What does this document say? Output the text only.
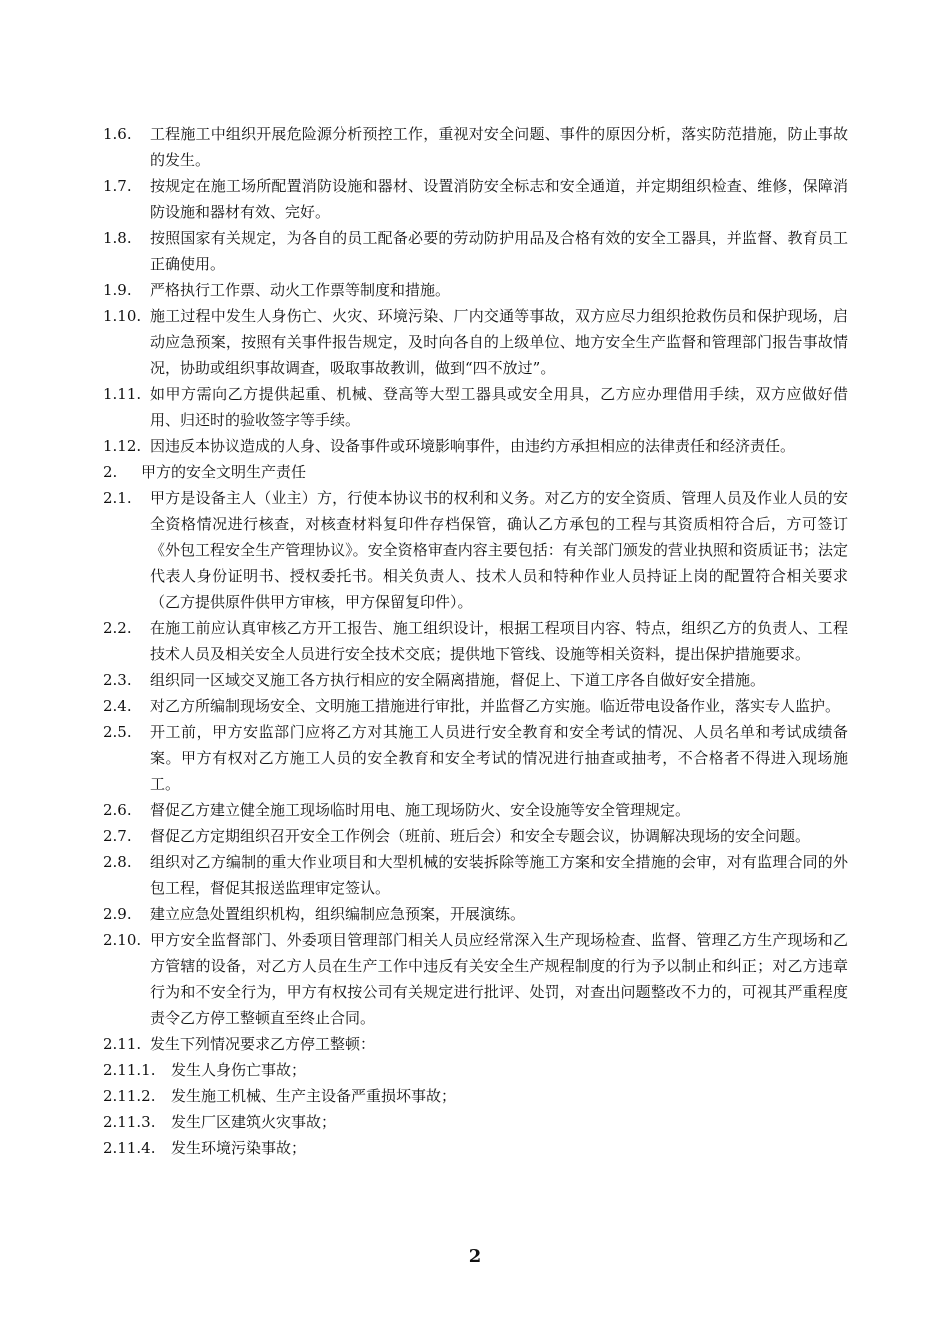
1.6. 工程施工中组织开展危险源分析预控工作，重视对安全问题、事件的原因分析，落实防范措施，防止事故的发生。
1.7. 按规定在施工场所配置消防设施和器材、设置消防安全标志和安全通道，并定期组织检查、维修，保障消防设施和器材有效、完好。
1.8. 按照国家有关规定，为各自的员工配备必要的劳动防护用品及合格有效的安全工器具，并监督、教育员工正确使用。
1.9. 严格执行工作票、动火工作票等制度和措施。
1.10. 施工过程中发生人身伤亡、火灾、环境污染、厂内交通等事故，双方应尽力组织抢救伤员和保护现场，启动应急预案，按照有关事件报告规定，及时向各自的上级单位、地方安全生产监督和管理部门报告事故情况，协助或组织事故调查，吸取事故教训，做到“四不放过”。
1.11. 如甲方需向乙方提供起重、机械、登高等大型工器具或安全用具，乙方应办理借用手续，双方应做好借用、归还时的验收签字等手续。
1.12. 因违反本协议造成的人身、设备事件或环境影响事件，由违约方承担相应的法律责任和经济责任。
2. 甲方的安全文明生产责任
2.1. 甲方是设备主人（业主）方，行使本协议书的权利和义务。对乙方的安全资质、管理人员及作业人员的安全资格情况进行核查，对核查材料复印件存档保管，确认乙方承包的工程与其资质相符合后，方可签订《外包工程安全生产管理协议》。安全资格审查内容主要包括：有关部门颁发的营业执照和资质证书；法定代表人身份证明书、授权委托书。相关负责人、技术人员和特种作业人员持证上岗的配置符合相关要求（乙方提供原件供甲方审核，甲方保留复印件）。
2.2. 在施工前应认真审核乙方开工报告、施工组织设计，根据工程项目内容、特点，组织乙方的负责人、工程技术人员及相关安全人员进行安全技术交底；提供地下管线、设施等相关资料，提出保护措施要求。
2.3. 组织同一区域交叉施工各方执行相应的安全隔离措施，督促上、下道工序各自做好安全措施。
2.4. 对乙方所编制现场安全、文明施工措施进行审批，并监督乙方实施。临近带电设备作业，落实专人监护。
2.5. 开工前，甲方安监部门应将乙方对其施工人员进行安全教育和安全考试的情况、人员名单和考试成绩备案。甲方有权对乙方施工人员的安全教育和安全考试的情况进行抽查或抽考，不合格者不得进入现场施工。
2.6. 督促乙方建立健全施工现场临时用电、施工现场防火、安全设施等安全管理规定。
2.7. 督促乙方定期组织召开安全工作例会（班前、班后会）和安全专题会议，协调解决现场的安全问题。
2.8. 组织对乙方编制的重大作业项目和大型机械的安装拆除等施工方案和安全措施的会审，对有监理合同的外包工程，督促其报送监理审定签认。
2.9. 建立应急处置组织机构，组织编制应急预案，开展演练。
2.10. 甲方安全监督部门、外委项目管理部门相关人员应经常深入生产现场检查、监督、管理乙方生产现场和乙方管辖的设备，对乙方人员在生产工作中违反有关安全生产规程制度的行为予以制止和纠正；对乙方违章行为和不安全行为，甲方有权按公司有关规定进行批评、处罚，对查出问题整改不力的，可视其严重程度责令乙方停工整顿直至终止合同。
2.11. 发生下列情况要求乙方停工整顿：
2.11.1. 发生人身伤亡事故；
2.11.2. 发生施工机械、生产主设备严重损坏事故；
2.11.3. 发生厂区建筑火灾事故；
2.11.4. 发生环境污染事故；
2
